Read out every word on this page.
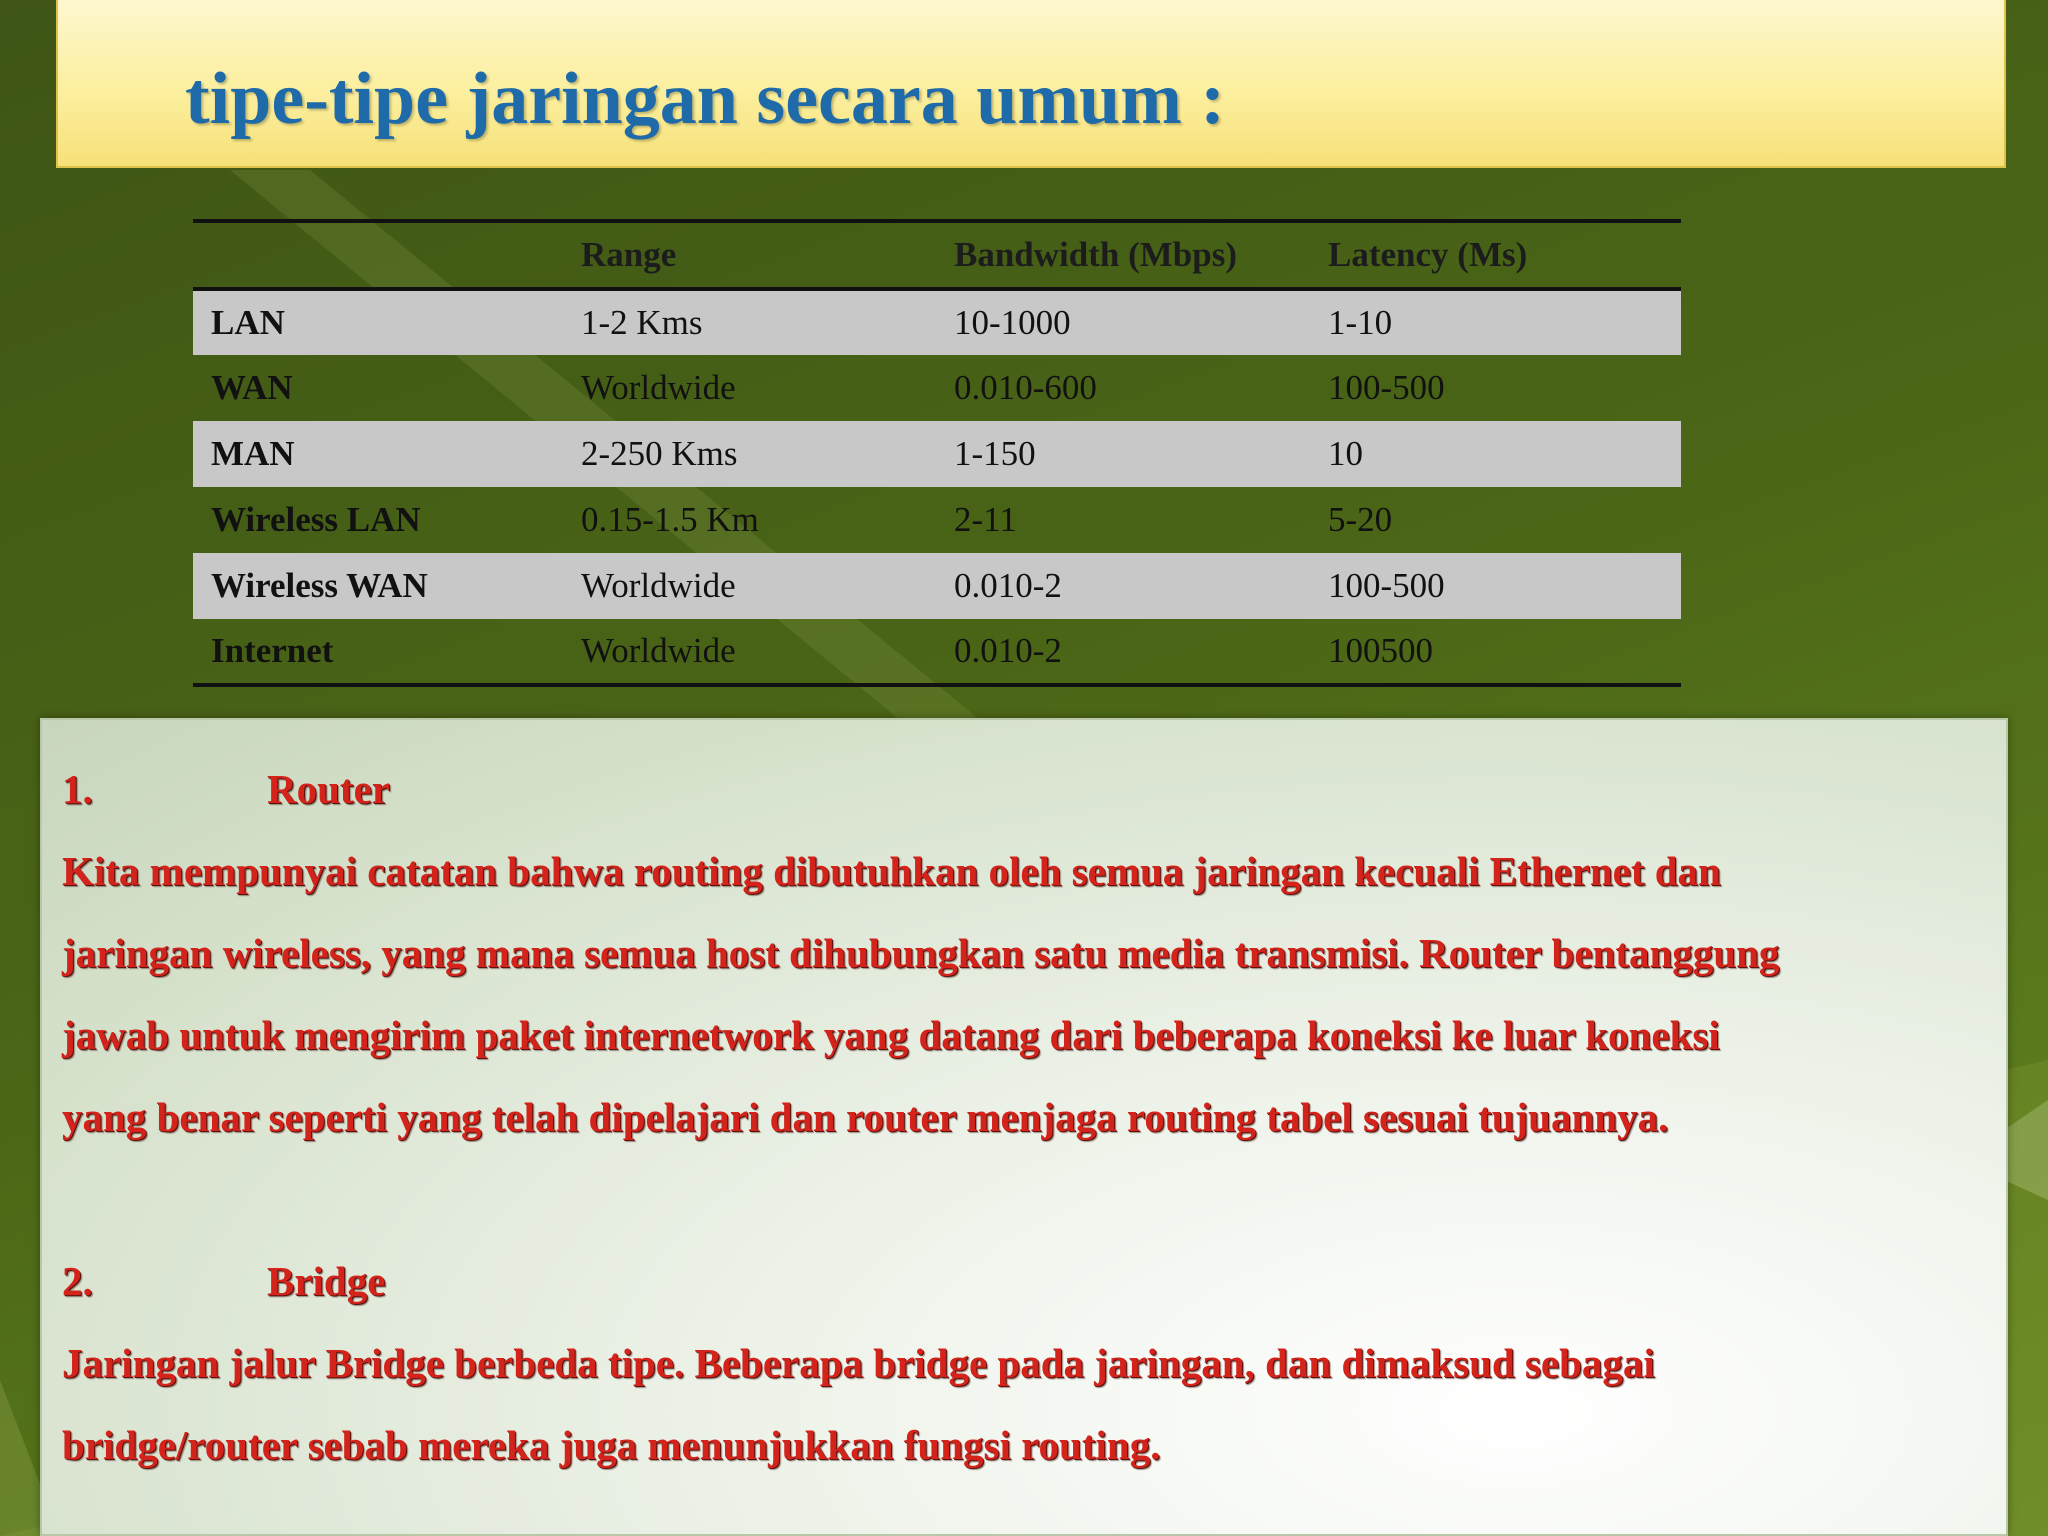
tipe-tipe jaringan secara umum :
	Range	Bandwidth (Mbps)	Latency (Ms)
LAN	1-2 Kms	10-1000	1-10
WAN	Worldwide	0.010-600	100-500
MAN	2-250 Kms	1-150	10
Wireless LAN	0.15-1.5 Km	2-11	5-20
Wireless WAN	Worldwide	0.010-2	100-500
Internet	Worldwide	0.010-2	100500

1.	Router

Kita mempunyai catatan bahwa routing dibutuhkan oleh semua jaringan kecuali Ethernet dan

jaringan wireless, yang mana semua host dihubungkan satu media transmisi. Router bentanggung

jawab untuk mengirim paket internetwork yang datang dari beberapa koneksi ke luar koneksi

yang benar seperti yang telah dipelajari dan router menjaga routing tabel sesuai tujuannya.

2.	Bridge

Jaringan jalur Bridge berbeda tipe. Beberapa bridge pada jaringan, dan dimaksud sebagai

bridge/router sebab mereka juga menunjukkan fungsi routing.
